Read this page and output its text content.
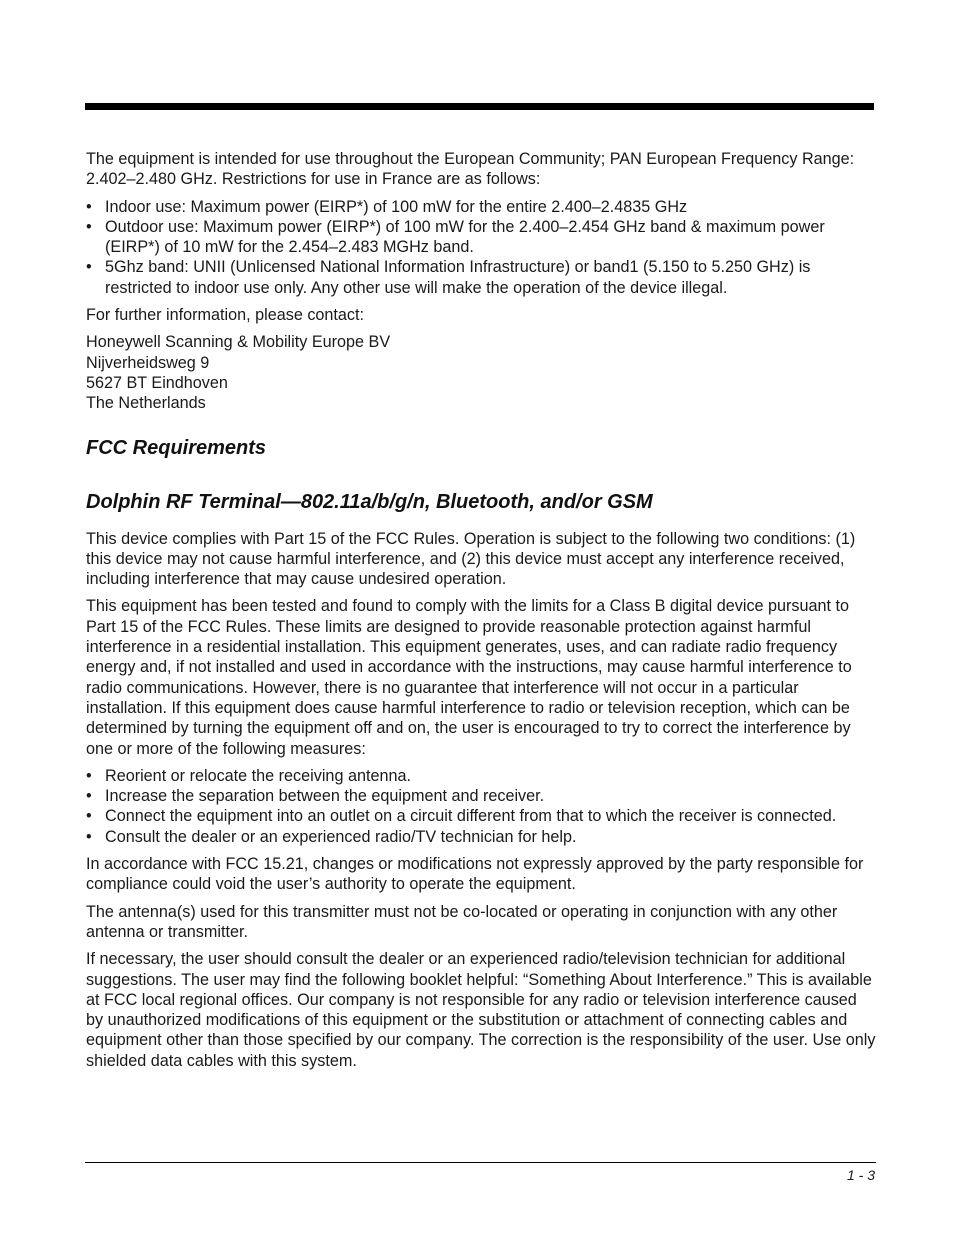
The equipment is intended for use throughout the European Community; PAN European Frequency Range: 2.402–2.480 GHz. Restrictions for use in France are as follows:

• Indoor use: Maximum power (EIRP*) of 100 mW for the entire 2.400–2.4835 GHz
• Outdoor use: Maximum power (EIRP*) of 100 mW for the 2.400–2.454 GHz band & maximum power (EIRP*) of 10 mW for the 2.454–2.483 MGHz band.
• 5Ghz band: UNII (Unlicensed National Information Infrastructure) or band1 (5.150 to 5.250 GHz) is restricted to indoor use only. Any other use will make the operation of the device illegal.

For further information, please contact:

Honeywell Scanning & Mobility Europe BV
Nijverheidsweg 9
5627 BT Eindhoven
The Netherlands
FCC Requirements
Dolphin RF Terminal—802.11a/b/g/n, Bluetooth, and/or GSM

This device complies with Part 15 of the FCC Rules. Operation is subject to the following two conditions: (1) this device may not cause harmful interference, and (2) this device must accept any interference received, including interference that may cause undesired operation.

This equipment has been tested and found to comply with the limits for a Class B digital device pursuant to Part 15 of the FCC Rules. These limits are designed to provide reasonable protection against harmful interference in a residential installation. This equipment generates, uses, and can radiate radio frequency energy and, if not installed and used in accordance with the instructions, may cause harmful interference to radio communications. However, there is no guarantee that interference will not occur in a particular installation. If this equipment does cause harmful interference to radio or television reception, which can be determined by turning the equipment off and on, the user is encouraged to try to correct the interference by one or more of the following measures:

• Reorient or relocate the receiving antenna.
• Increase the separation between the equipment and receiver.
• Connect the equipment into an outlet on a circuit different from that to which the receiver is connected.
• Consult the dealer or an experienced radio/TV technician for help.

In accordance with FCC 15.21, changes or modifications not expressly approved by the party responsible for compliance could void the user’s authority to operate the equipment.

The antenna(s) used for this transmitter must not be co-located or operating in conjunction with any other antenna or transmitter.

If necessary, the user should consult the dealer or an experienced radio/television technician for additional suggestions. The user may find the following booklet helpful: “Something About Interference.” This is available at FCC local regional offices. Our company is not responsible for any radio or television interference caused by unauthorized modifications of this equipment or the substitution or attachment of connecting cables and equipment other than those specified by our company. The correction is the responsibility of the user. Use only shielded data cables with this system.

1 - 3
